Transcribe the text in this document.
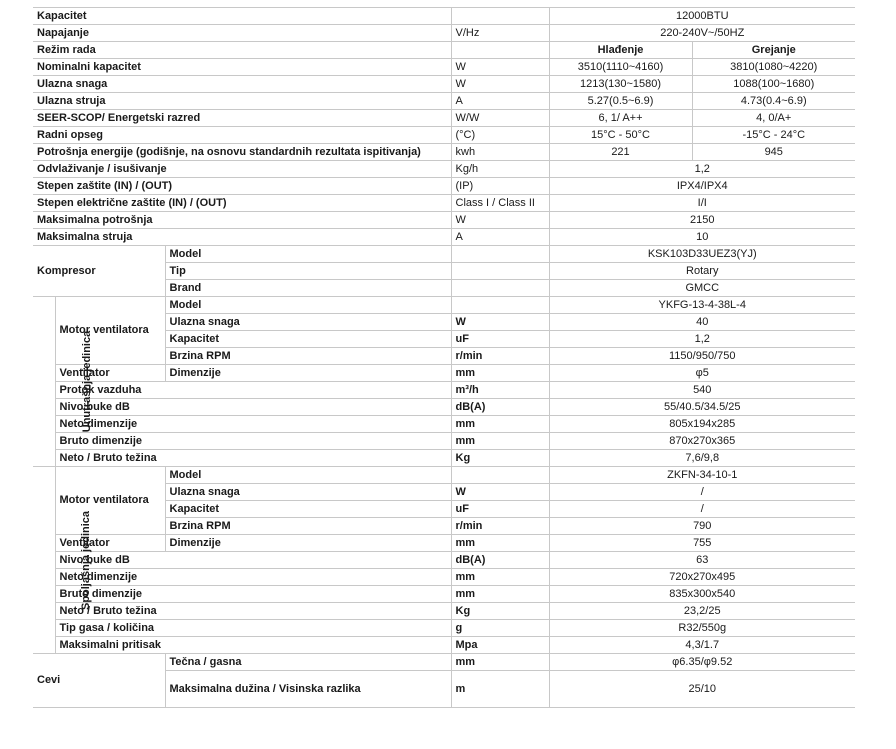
Kapacitet				12000BTU	
Napajanje			V/Hz	220-240V~/50HZ	
Režim rada				Hlađenje	Grejanje
Nominalni kapacitet			W	3510(1110~4160)	3810(1080~4220)
Ulazna snaga			W	1213(130~1580)	1088(100~1680)
Ulazna struja			A	5.27(0.5~6.9)	4.73(0.4~6.9)
SEER-SCOP/ Energetski razred			W/W	6, 1/ A++	4, 0/A+
Radni opseg			(°C)	15°C - 50°C	-15°C - 24°C
Potrošnja energije (godišnje, na osnovu standardnih rezultata ispitivanja)			kwh	221	945
Odvlaživanje / isušivanje			Kg/h	1,2	
Stepen zaštite (IN) / (OUT)			(IP)	IPX4/IPX4	
Stepen električne zaštite (IN) / (OUT)			Class I / Class II	I/I	
Maksimalna potrošnja			W	2150	
Maksimalna struja			A	10	
Kompresor		Model		KSK103D33UEZ3(YJ)	
		Tip		Rotary	
		Brand		GMCC	
Unutrašnja jedinica	Motor ventilatora	Model		YKFG-13-4-38L-4	
		Ulazna snaga	W	40	
		Kapacitet	uF	1,2	
		Brzina RPM	r/min	1150/950/750	
	Ventilator	Dimenzije	mm	φ5	
	Protok vazduha		m³/h	540	
	Nivo buke dB		dB(A)	55/40.5/34.5/25	
	Neto dimenzije		mm	805x194x285	
	Bruto dimenzije		mm	870x270x365	
	Neto / Bruto težina		Kg	7,6/9,8	
Spoljašnja jedinica	Motor ventilatora	Model		ZKFN-34-10-1	
		Ulazna snaga	W	/	
		Kapacitet	uF	/	
		Brzina RPM	r/min	790	
	Ventilator	Dimenzije	mm	755	
	Nivo buke dB		dB(A)	63	
	Neto dimenzije		mm	720x270x495	
	Bruto dimenzije		mm	835x300x540	
	Neto / Bruto težina		Kg	23,2/25	
	Tip gasa / količina		g	R32/550g	
	Maksimalni pritisak		Mpa	4,3/1.7	
Cevi		Tečna / gasna	mm	φ6.35/φ9.52	
		Maksimalna dužina / Visinska razlika	m	25/10	
